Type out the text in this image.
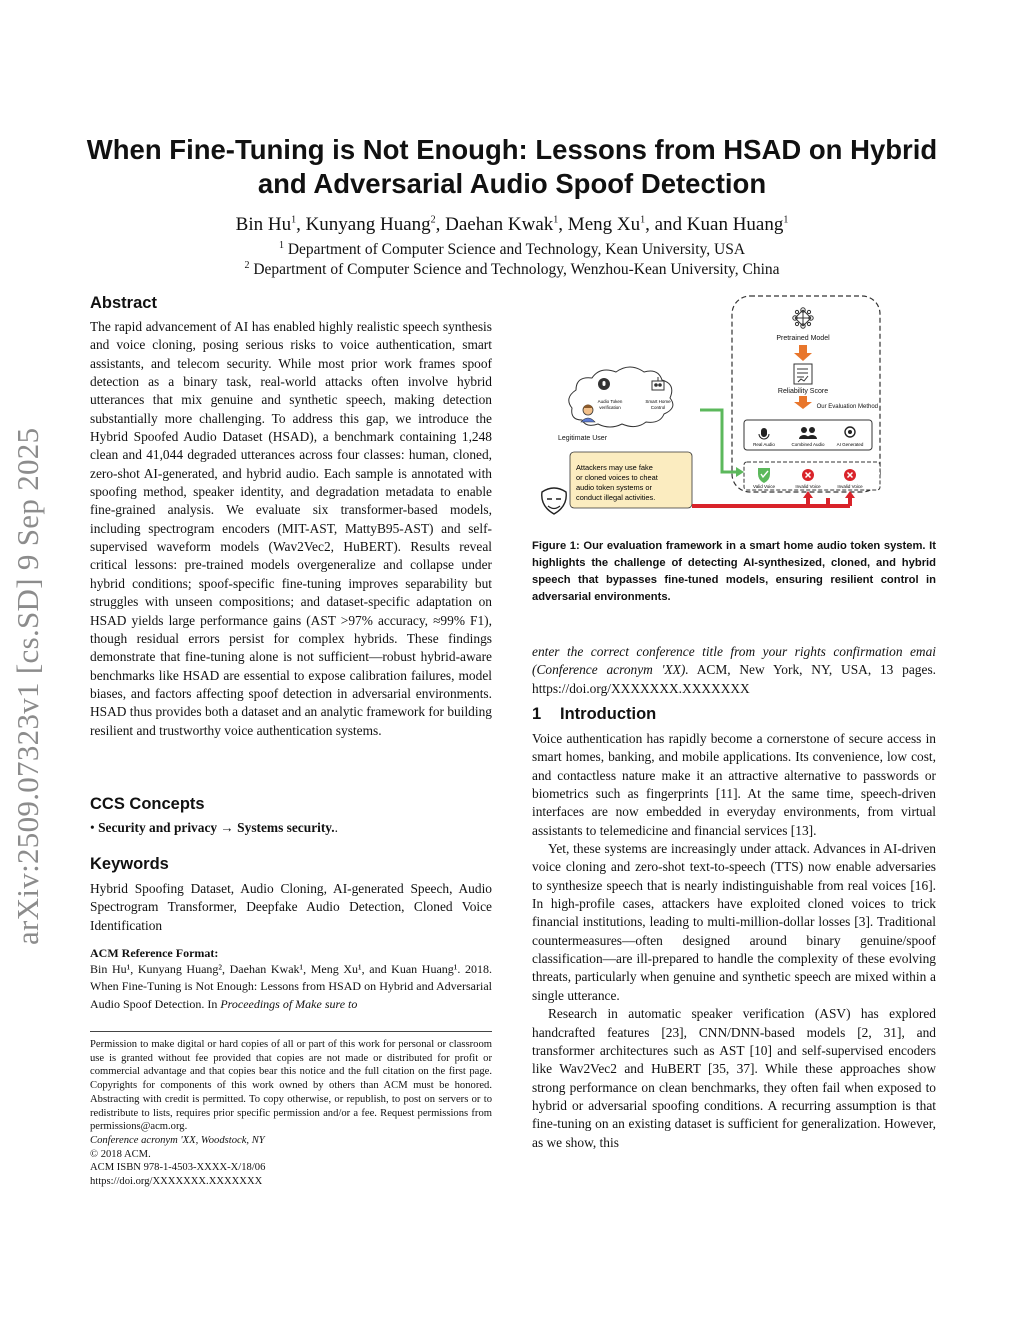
arXiv:2509.07323v1 [cs.SD] 9 Sep 2025
When Fine-Tuning is Not Enough: Lessons from HSAD on Hybrid
and Adversarial Audio Spoof Detection
Bin Hu$^1$, Kunyang Huang$^2$, Daehan Kwak$^1$, Meng Xu$^1$, and Kuan Huang$^1$
$^1$ Department of Computer Science and Technology, Kean University, USA
$^2$ Department of Computer Science and Technology, Wenzhou-Kean University, China
Abstract

The rapid advancement of AI has enabled highly realistic speech synthesis and voice cloning, posing serious risks to voice authentication, smart assistants, and telecom security. While most prior work frames spoof detection as a binary task, real-world attacks often involve hybrid utterances that mix genuine and synthetic speech, making detection substantially more challenging. To address this gap, we introduce the Hybrid Spoofed Audio Dataset (HSAD), a benchmark containing 1,248 clean and 41,044 degraded utterances across four classes: human, cloned, zero-shot AI-generated, and hybrid audio. Each sample is annotated with spoofing method, speaker identity, and degradation metadata to enable fine-grained analysis. We evaluate six transformer-based models, including spectrogram encoders (MIT-AST, MattyB95-AST) and self-supervised waveform models (Wav2Vec2, HuBERT). Results reveal critical lessons: pre-trained models overgeneralize and collapse under hybrid conditions; spoof-specific fine-tuning improves separability but struggles with unseen compositions; and dataset-specific adaptation on HSAD yields large performance gains (AST >97% accuracy, ≈99% F1), though residual errors persist for complex hybrids. These findings demonstrate that fine-tuning alone is not sufficient—robust hybrid-aware benchmarks like HSAD are essential to expose calibration failures, model biases, and factors affecting spoof detection in adversarial environments. HSAD thus provides both a dataset and an analytic framework for building resilient and trustworthy voice authentication systems.

CCS Concepts

• Security and privacy → Systems security..

Keywords

Hybrid Spoofing Dataset, Audio Cloning, AI-generated Speech, Audio Spectrogram Transformer, Deepfake Audio Detection, Cloned Voice Identification

ACM Reference Format:

Bin Hu¹, Kunyang Huang², Daehan Kwak¹, Meng Xu¹, and Kuan Huang¹. 2018. When Fine-Tuning is Not Enough: Lessons from HSAD on Hybrid and Adversarial Audio Spoof Detection. In Proceedings of Make sure to

Permission to make digital or hard copies of all or part of this work for personal or classroom use is granted without fee provided that copies are not made or distributed for profit or commercial advantage and that copies bear this notice and the full citation on the first page. Copyrights for components of this work owned by others than ACM must be honored. Abstracting with credit is permitted. To copy otherwise, or republish, to post on servers or to redistribute to lists, requires prior specific permission and/or a fee. Request permissions from permissions@acm.org.

Conference acronym 'XX, Woodstock, NY

© 2018 ACM.

ACM ISBN 978-1-4503-XXXX-X/18/06

https://doi.org/XXXXXXX.XXXXXXX

Pretrained Model
Reliability Score
Our Evaluation Method
Real Audio	Combined Audio	AI Generated
Valid Voice	Invalid Voice	Invalid Voice
Audio Token
verification
Smart Home
Control
Legitimate User
Attackers may use fake
or cloned voices to cheat
audio token systems or
conduct illegal activities.

Figure 1: Our evaluation framework in a smart home audio token system. It highlights the challenge of detecting AI-synthesized, cloned, and hybrid speech that bypasses fine-tuned models, ensuring resilient control in adversarial environments.

enter the correct conference title from your rights confirmation emai (Conference acronym 'XX). ACM, New York, NY, USA, 13 pages. https://doi.org/XXXXXXX.XXXXXXX

1 Introduction

Voice authentication has rapidly become a cornerstone of secure access in smart homes, banking, and mobile applications. Its convenience, low cost, and contactless nature make it an attractive alternative to passwords or biometrics such as fingerprints [11]. At the same time, speech-driven interfaces are now embedded in everyday environments, from virtual assistants to telemedicine and financial services [13].

Yet, these systems are increasingly under attack. Advances in AI-driven voice cloning and zero-shot text-to-speech (TTS) now enable adversaries to synthesize speech that is nearly indistinguishable from real voices [16]. In high-profile cases, attackers have exploited cloned voices to trick financial institutions, leading to multi-million-dollar losses [3]. Traditional countermeasures—often designed around binary genuine/spoof classification—are ill-prepared to handle the complexity of these evolving threats, particularly when genuine and synthetic speech are mixed within a single utterance.

Research in automatic speaker verification (ASV) has explored handcrafted features [23], CNN/DNN-based models [2, 31], and transformer architectures such as AST [10] and self-supervised encoders like Wav2Vec2 and HuBERT [35, 37]. While these approaches show strong performance on clean benchmarks, they often fail when exposed to hybrid or adversarial spoofing conditions. A recurring assumption is that fine-tuning on an existing dataset is sufficient for generalization. However, as we show, this
